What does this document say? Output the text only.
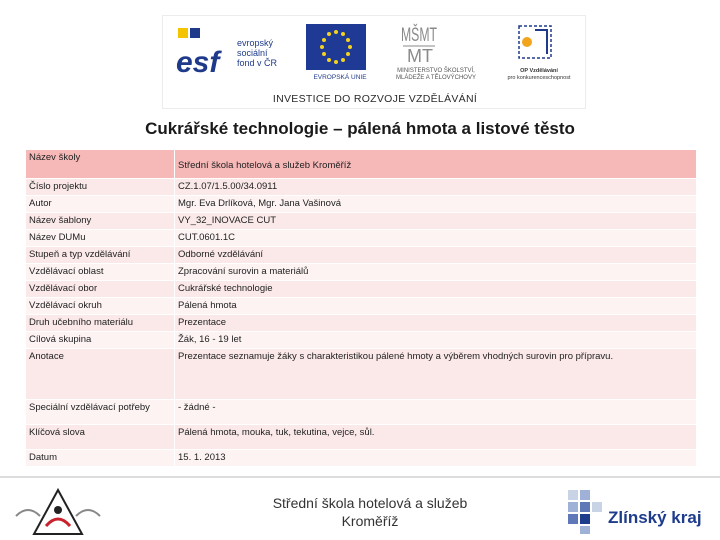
esf
evropský
sociální
fond v ČR
EVROPSKÁ UNIE
MŠMT
MT
MINISTERSTVO ŠKOLSTVÍ,
MLÁDEŽE A TĚLOVÝCHOVY
OP Vzdělávání
pro konkurenceschopnost
INVESTICE DO ROZVOJE VZDĚLÁVÁNÍ
Cukrářské technologie – pálená hmota a listové těsto
Název školy	Střední škola hotelová a služeb Kroměříž
Číslo projektu	CZ.1.07/1.5.00/34.0911
Autor	Mgr. Eva Drlíková, Mgr. Jana Vašinová
Název šablony	VY_32_INOVACE CUT
Název DUMu	CUT.0601.1C
Stupeň a typ vzdělávání	Odborné vzdělávání
Vzdělávací oblast	Zpracování surovin a materiálů
Vzdělávací obor	Cukrářské technologie
Vzdělávací okruh	Pálená hmota
Druh učebního materiálu	Prezentace
Cílová skupina	Žák, 16 - 19 let
Anotace	Prezentace seznamuje žáky s charakteristikou pálené hmoty a výběrem vhodných surovin pro přípravu.
Speciální vzdělávací potřeby	- žádné -
Klíčová slova	Pálená hmota, mouka, tuk, tekutina, vejce, sůl.
Datum	15. 1. 2013
Střední škola hotelová a služeb
Kroměříž	Zlínský kraj
